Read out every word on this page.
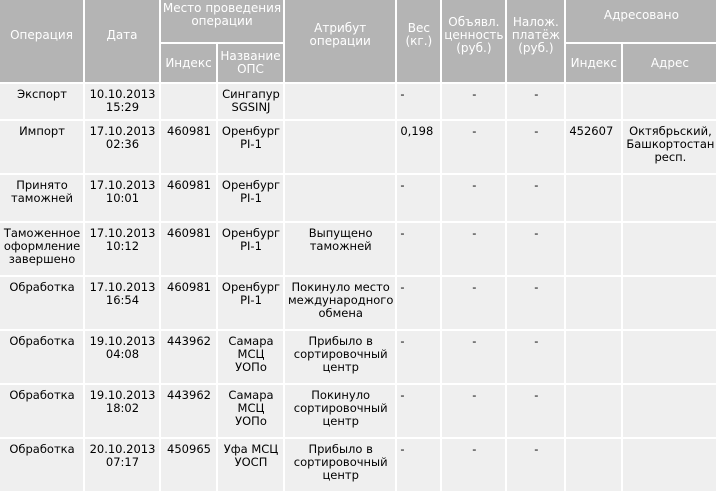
Операция	Дата	Место проведения операции		Атрибут операции	Вес (кг.)	Объявл. ценность (руб.)	Налож. платёж (руб.)	Адресовано	
		Индекс	Название ОПС					Индекс	Адрес
Экспорт	10.10.2013 15:29		Сингапур SGSINJ		-	-	-		
Импорт	17.10.2013 02:36	460981	Оренбург PI-1		0,198	-	-	452607	Октябрьский, Башкортостан респ.
Принято таможней	17.10.2013 10:01	460981	Оренбург PI-1		-	-	-		
Таможенное оформление завершено	17.10.2013 10:12	460981	Оренбург PI-1	Выпущено таможней	-	-	-		
Обработка	17.10.2013 16:54	460981	Оренбург PI-1	Покинуло место международного обмена	-	-	-		
Обработка	19.10.2013 04:08	443962	Самара МСЦ УОПо	Прибыло в сортировочный центр	-	-	-		
Обработка	19.10.2013 18:02	443962	Самара МСЦ УОПо	Покинуло сортировочный центр	-	-	-		
Обработка	20.10.2013 07:17	450965	Уфа МСЦ УОСП	Прибыло в сортировочный центр	-	-	-		
